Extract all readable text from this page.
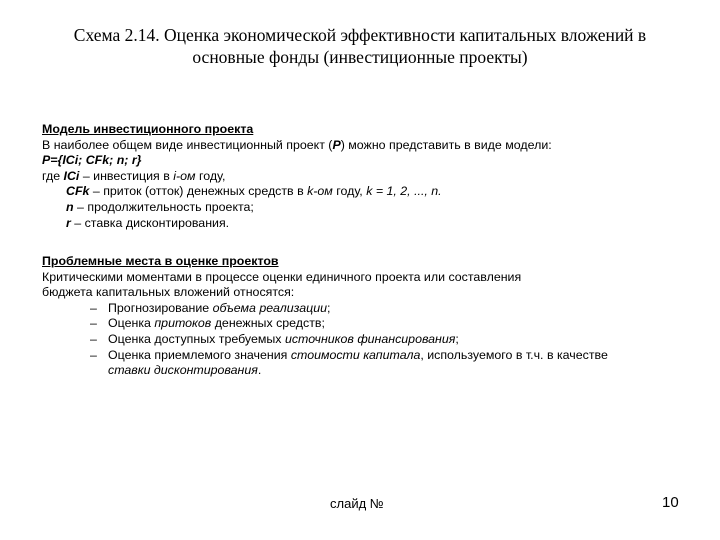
Схема 2.14. Оценка экономической эффективности капитальных вложений в
основные фонды (инвестиционные проекты)

Модель инвестиционного проекта

В наиболее общем виде инвестиционный проект (P) можно представить в виде модели:

P={ICi; CFk; n; r}

где ICi – инвестиция в i-ом году,

CFk – приток (отток) денежных средств в k-ом году, k = 1, 2, ..., n.

n – продолжительность проекта;

r – ставка дисконтирования.

Проблемные места в оценке проектов

Критическими моментами в процессе оценки единичного проекта или составления

бюджета капитальных вложений относятся:

– Прогнозирование объема реализации;
– Оценка притоков денежных средств;
– Оценка доступных требуемых источников финансирования;
– Оценка приемлемого значения стоимости капитала, используемого в т.ч. в качестве ставки дисконтирования.
слайд №	10
